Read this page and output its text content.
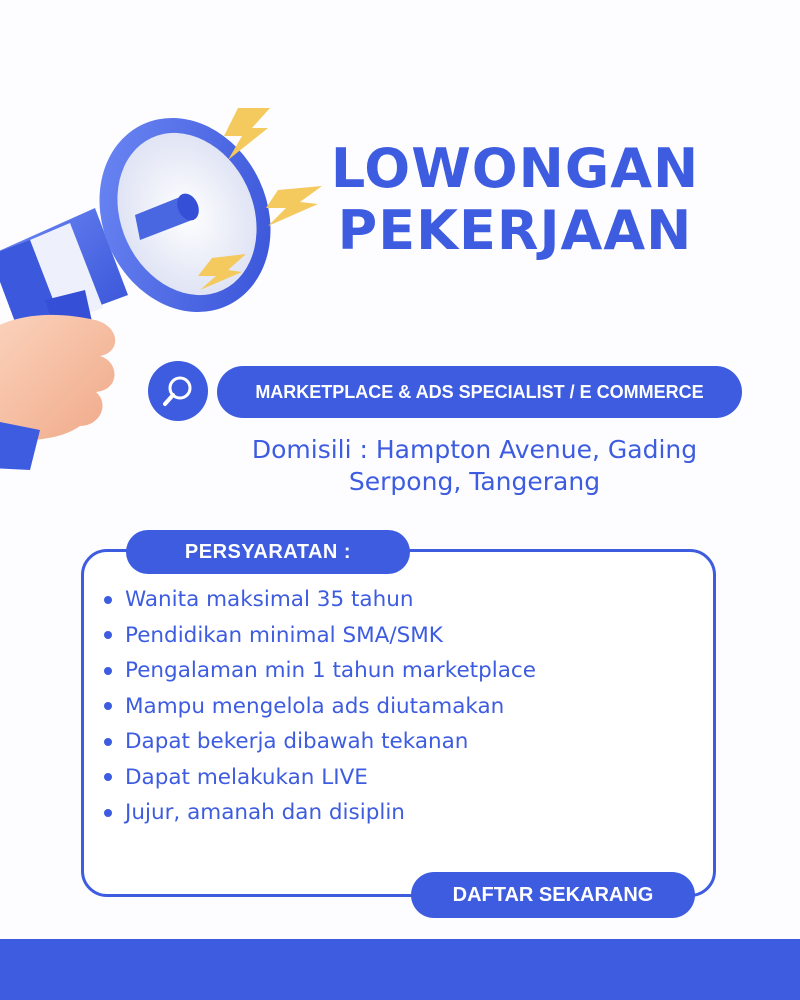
LOWONGAN
PEKERJAAN
MARKETPLACE & ADS SPECIALIST / E COMMERCE
Domisili : Hampton Avenue, Gading Serpong, Tangerang
PERSYARATAN :
Wanita maksimal 35 tahun
Pendidikan minimal SMA/SMK
Pengalaman min 1 tahun marketplace
Mampu mengelola ads diutamakan
Dapat bekerja dibawah tekanan
Dapat melakukan LIVE
Jujur, amanah dan disiplin
DAFTAR SEKARANG
